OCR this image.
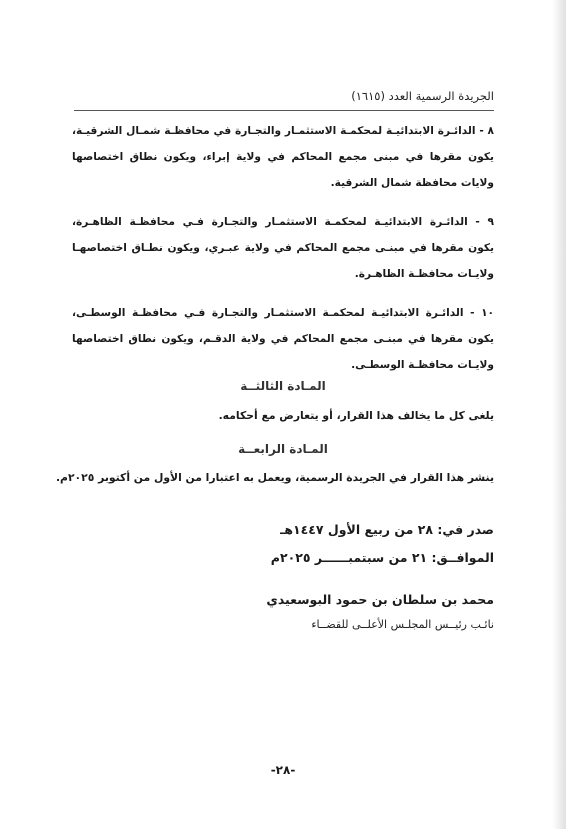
الجريدة الرسمية العدد (١٦١٥)
٨ - الدائـرة الابتدائيـة لمحكمـة الاستثمـار والتجـارة في محافظـة شمـال الشرقيـة،
يكون مقرها في مبنى مجمع المحاكم في ولاية إبراء، ويكون نطاق اختصاصها
ولايات محافظة شمال الشرقية.
٩ - الدائـرة الابتدائيـة لمحكمـة الاستثمـار والتجـارة فـي محافظـة الظاهـرة،
يكون مقرها في مبنـى مجمع المحاكم في ولاية عبـري، ويكون نطـاق اختصاصهـا
ولايـات محافظـة الظاهـرة.
١٠ - الدائـرة الابتدائيـة لمحكمـة الاستثمـار والتجـارة فـي محافظـة الوسطـى،
يكون مقرها في مبنـى مجمع المحاكم في ولاية الدقـم، ويكون نطاق اختصاصها
ولايـات محافظـة الوسطـى.
المـادة الثالثــة
يلغى كل ما يخالف هذا القرار، أو يتعارض مع أحكامه.
المـادة الرابعــة
ينشر هذا القرار في الجريدة الرسمية، ويعمل به اعتبارا من الأول من أكتوبر ٢٠٢٥م.
صدر في: ٢٨ من ربيع الأول ١٤٤٧هـ
الموافــق: ٢١ من سبتمبــــــر ٢٠٢٥م
محمد بن سلطان بن حمود البوسعيدي
نائـب رئيــس المجلـس الأعلــى للقضــاء
-٢٨-
